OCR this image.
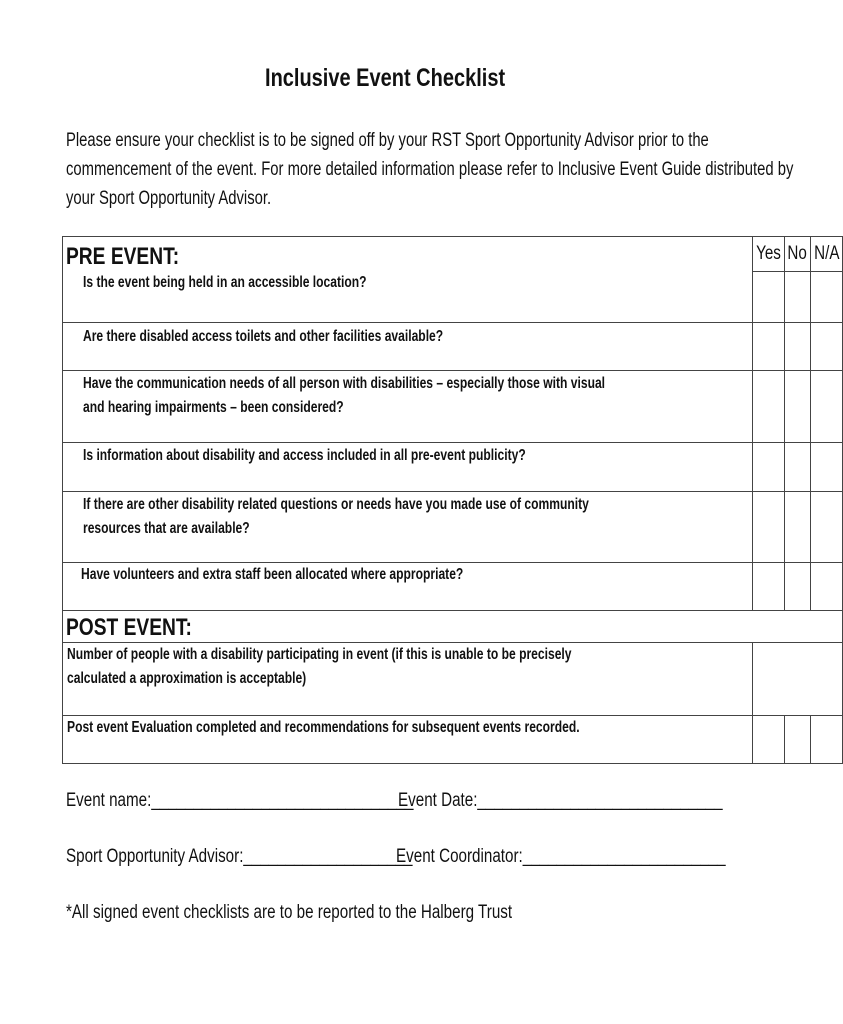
Inclusive Event Checklist
Please ensure your checklist is to be signed off by your RST Sport Opportunity Advisor prior to the
commencement of the event. For more detailed information please refer to Inclusive Event Guide distributed by
your Sport Opportunity Advisor.
PRE EVENT:	Yes	No	N/A

Is the event being held in an accessible location?			

Are there disabled access toilets and other facilities available?			

Have the communication needs of all person with disabilities – especially those with visual
and hearing impairments – been considered?			

Is information about disability and access included in all pre-event publicity?			

If there are other disability related questions or needs have you made use of community
resources that are available?			

Have volunteers and extra staff been allocated where appropriate?			

POST EVENT:			

Number of people with a disability participating in event (if this is unable to be precisely
calculated a approximation is acceptable)			

Post event Evaluation completed and recommendations for subsequent events recorded.			

Event name:_______________________________
Event Date:_____________________________
Sport Opportunity Advisor:____________________
Event Coordinator:________________________
*All signed event checklists are to be reported to the Halberg Trust
